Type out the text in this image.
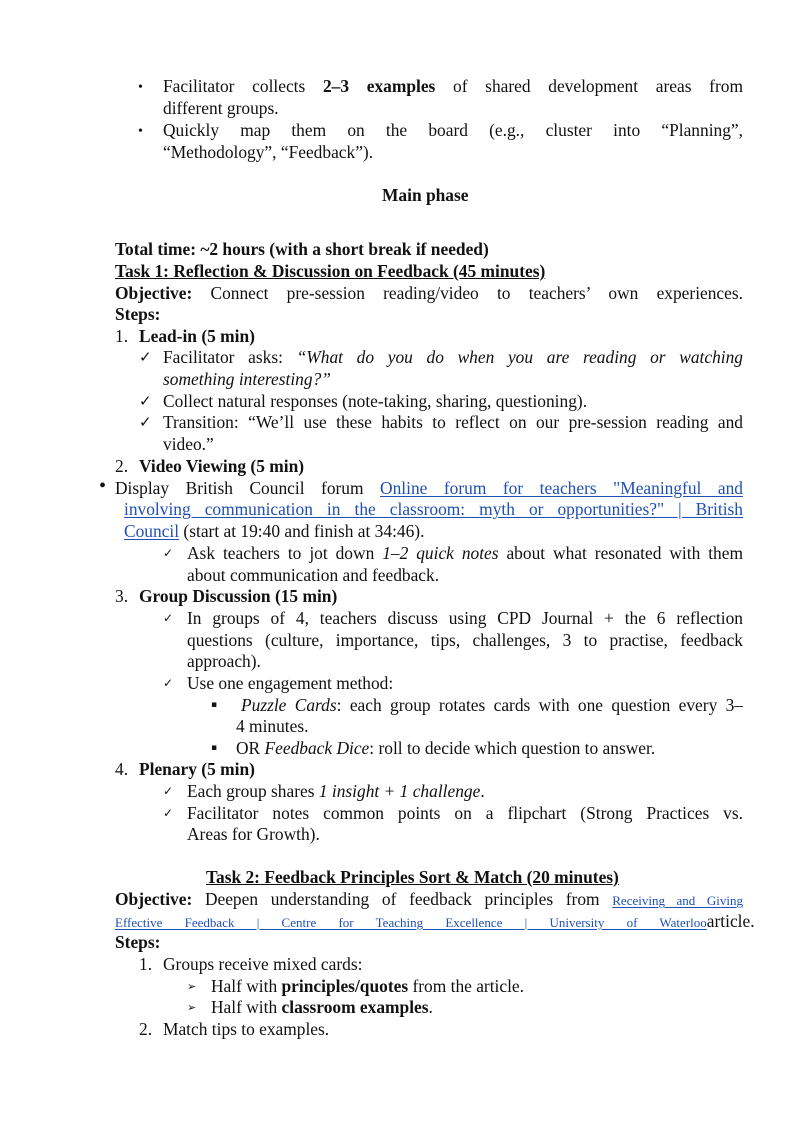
• Facilitator collects 2–3 examples of shared development areas from
different groups.
• Quickly map them on the board (e.g., cluster into “Planning”,
“Methodology”, “Feedback”).
Main phase
Total time: ~2 hours (with a short break if needed)
Task 1: Reflection & Discussion on Feedback (45 minutes)
Objective: Connect pre-session reading/video to teachers’ own experiences.
Steps:
1. Lead-in (5 min)
✓ Facilitator asks: “What do you do when you are reading or watching
something interesting?”
✓ Collect natural responses (note-taking, sharing, questioning).
✓ Transition: “We’ll use these habits to reflect on our pre-session reading and
video.”
2. Video Viewing (5 min)
• Display British Council forum Online forum for teachers "Meaningful and
involving communication in the classroom: myth or opportunities?" | British
Council (start at 19:40 and finish at 34:46).
✓ Ask teachers to jot down 1–2 quick notes about what resonated with them
about communication and feedback.
3. Group Discussion (15 min)
✓ In groups of 4, teachers discuss using CPD Journal + the 6 reflection
questions (culture, importance, tips, challenges, 3 to practise, feedback
approach).
✓ Use one engagement method:
▪ Puzzle Cards: each group rotates cards with one question every 3–
4 minutes.
▪ OR Feedback Dice: roll to decide which question to answer.
4. Plenary (5 min)
✓ Each group shares 1 insight + 1 challenge.
✓ Facilitator notes common points on a flipchart (Strong Practices vs.
Areas for Growth).
Task 2: Feedback Principles Sort & Match (20 minutes)
Objective: Deepen understanding of feedback principles from Receiving and Giving
Effective Feedback | Centre for Teaching Excellence | University of Waterloo article.
Steps:
1. Groups receive mixed cards:
➢ Half with principles/quotes from the article.
➢ Half with classroom examples.
2. Match tips to examples.
